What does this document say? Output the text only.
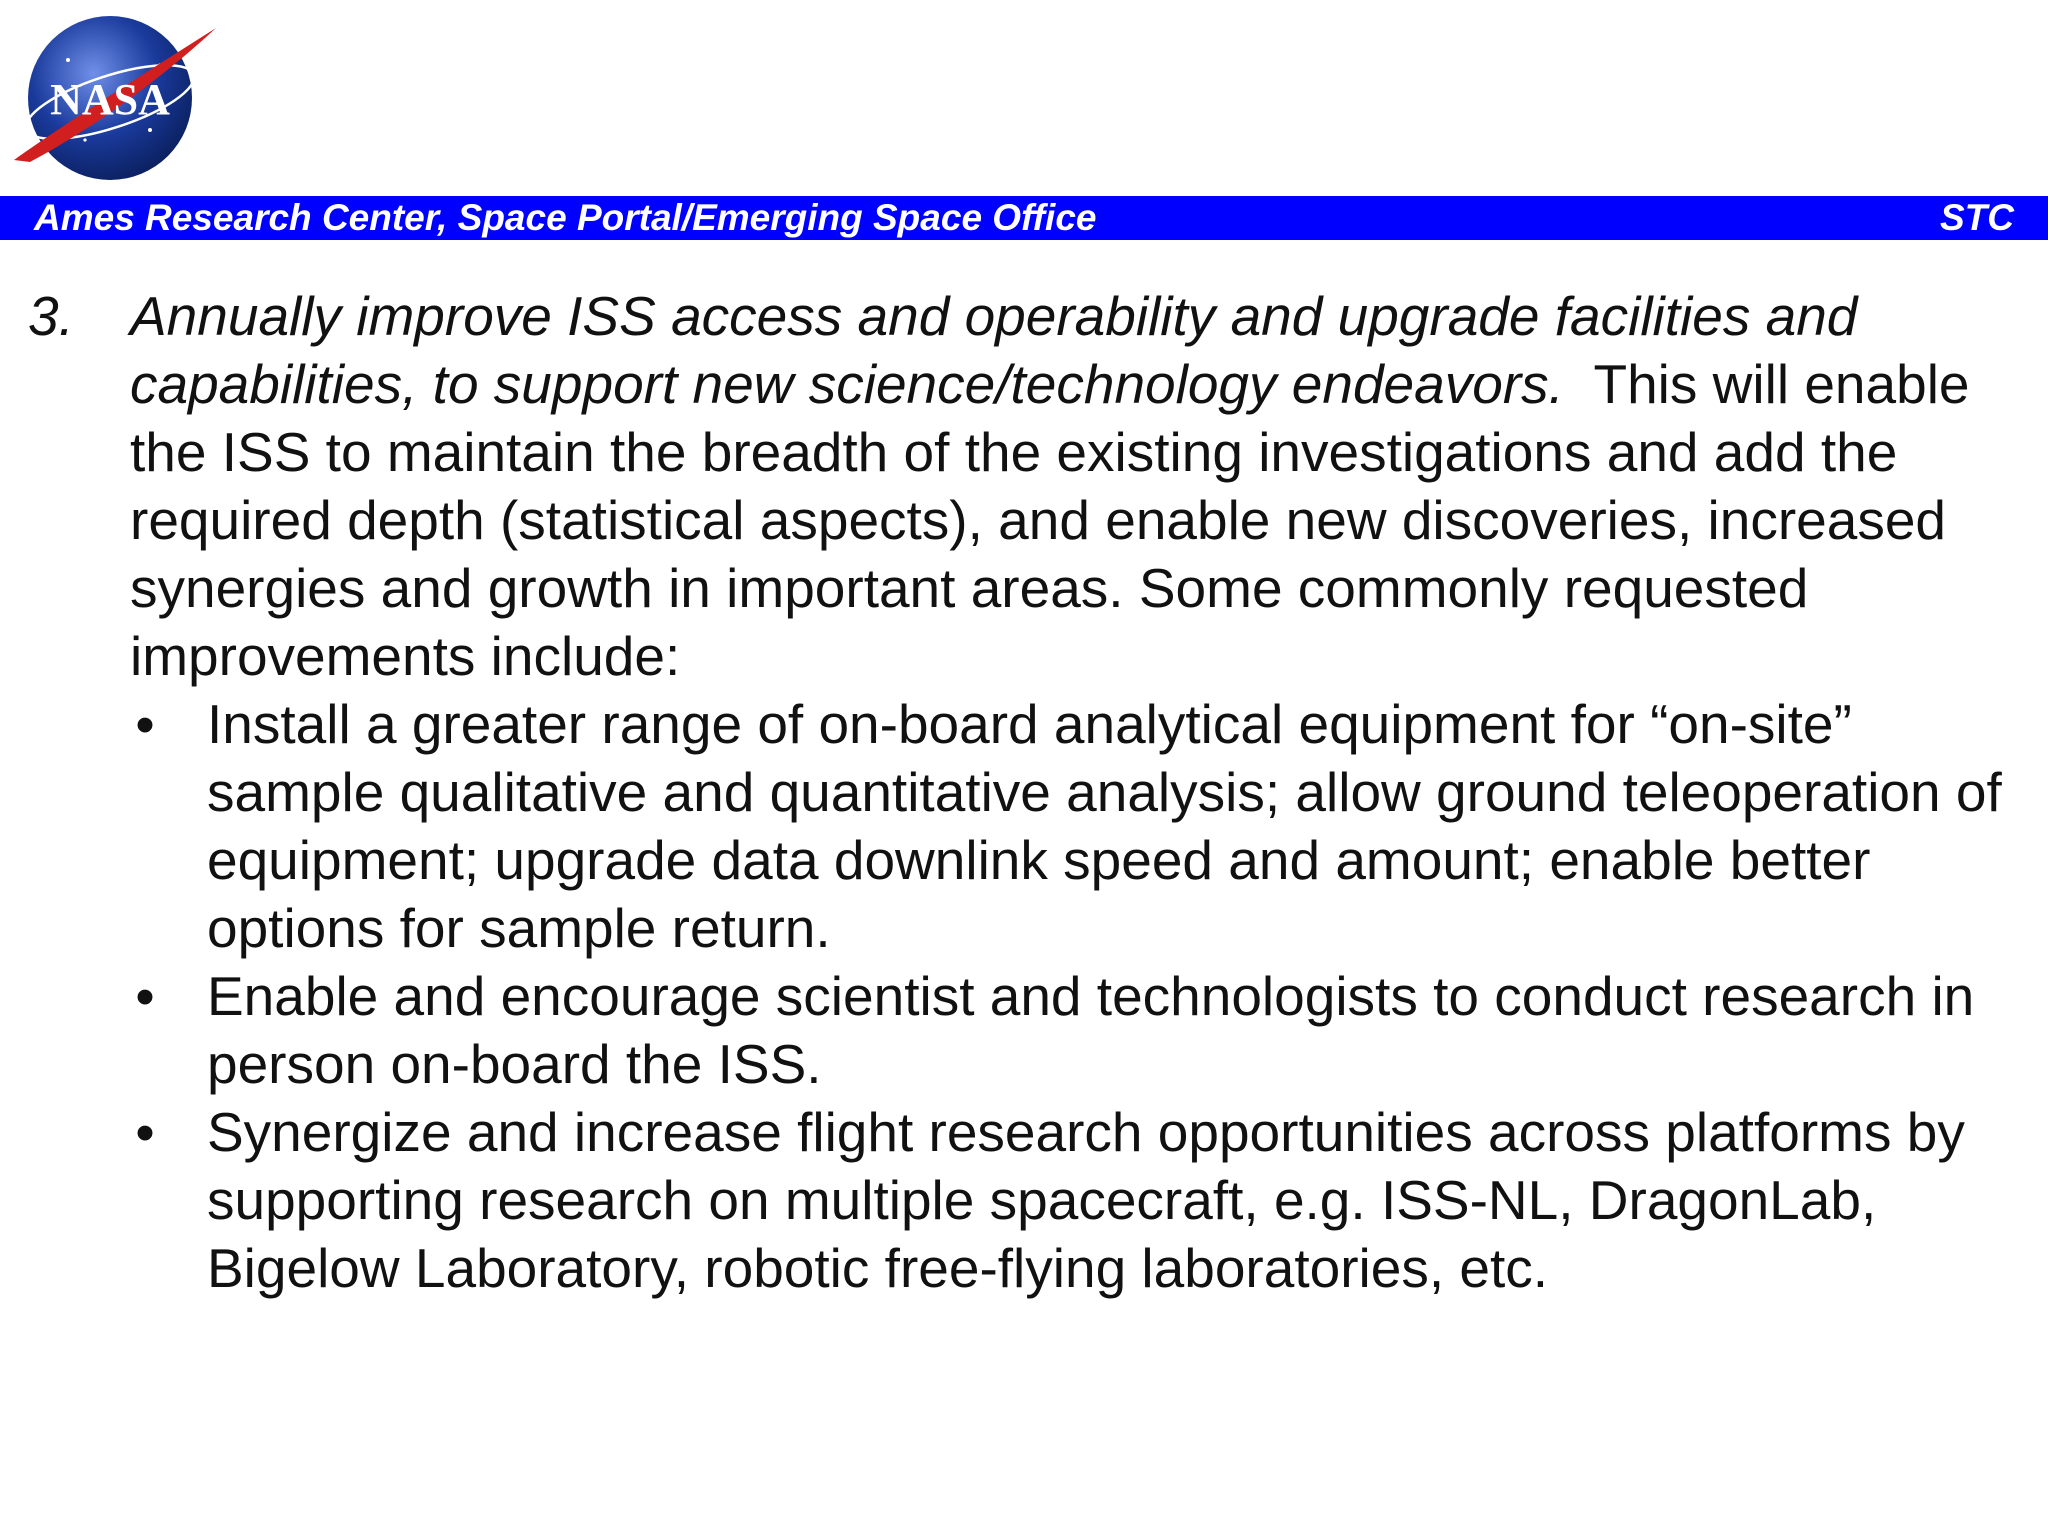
NASA
Ames Research Center, Space Portal/Emerging Space Office	STC
3. Annually improve ISS access and operability and upgrade facilities and capabilities, to support new science/technology endeavors. This will enable the ISS to maintain the breadth of the existing investigations and add the required depth (statistical aspects), and enable new discoveries, increased synergies and growth in important areas. Some commonly requested improvements include:
• Install a greater range of on-board analytical equipment for “on-site” sample qualitative and quantitative analysis; allow ground teleoperation of equipment; upgrade data downlink speed and amount; enable better options for sample return.
• Enable and encourage scientist and technologists to conduct research in person on-board the ISS.
• Synergize and increase flight research opportunities across platforms by supporting research on multiple spacecraft, e.g. ISS-NL, DragonLab, Bigelow Laboratory, robotic free-flying laboratories, etc.
